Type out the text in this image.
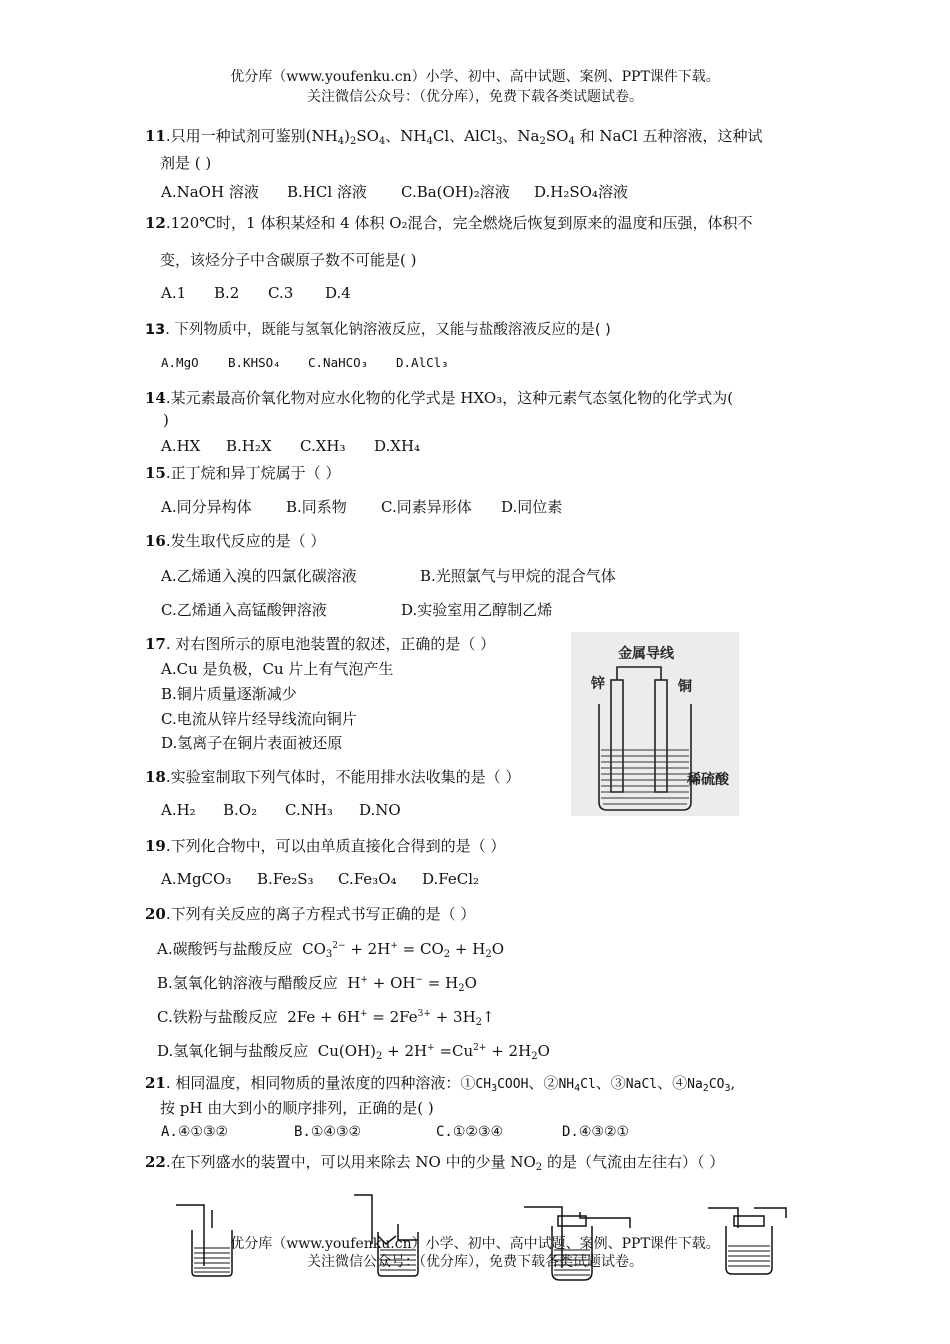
优分库（www.youfenku.cn）小学、初中、高中试题、案例、PPT课件下载。
关注微信公众号：（优分库），免费下载各类试题试卷。
11.只用一种试剂可鉴别$(NH_4)_2SO_4$、$NH_4Cl$、AlCl$_3$、$Na_2SO_4$ 和 NaCl 五种溶液，这种试
剂是 ( )
A.NaOH 溶液 B.HCl 溶液 C.Ba(OH)₂溶液 D.H₂SO₄溶液
12.120℃时，1 体积某烃和 4 体积 O₂混合，完全燃烧后恢复到原来的温度和压强，体积不
变，该烃分子中含碳原子数不可能是( )
A.1 B.2 C.3 D.4
13. 下列物质中，既能与氢氧化钠溶液反应，又能与盐酸溶液反应的是( )
A.MgO B.KHSO₄ C.NaHCO₃ D.AlCl₃
14.某元素最高价氧化物对应水化物的化学式是 HXO₃，这种元素气态氢化物的化学式为(
)
A.HX B.H₂X C.XH₃ D.XH₄
15.正丁烷和异丁烷属于（ ）
A.同分异构体 B.同系物 C.同素异形体 D.同位素
16.发生取代反应的是（ ）
A.乙烯通入溴的四氯化碳溶液	B.光照氯气与甲烷的混合气体
C.乙烯通入高锰酸钾溶液	D.实验室用乙醇制乙烯
17. 对右图所示的原电池装置的叙述，正确的是（ ）
A.Cu 是负极，Cu 片上有气泡产生
B.铜片质量逐渐减少
C.电流从锌片经导线流向铜片
D.氢离子在铜片表面被还原
金属导线
锌	铜
稀硫酸
18.实验室制取下列气体时，不能用排水法收集的是（ ）
A.H₂ B.O₂ C.NH₃ D.NO
19.下列化合物中，可以由单质直接化合得到的是（ ）
A.MgCO₃ B.Fe₂S₃ C.Fe₃O₄ D.FeCl₂
20.下列有关反应的离子方程式书写正确的是（ ）
A.碳酸钙与盐酸反应  $CO_3^{2-} + 2H^+ = CO_2 + H_2O$
B.氢氧化钠溶液与醋酸反应  $H^+ + OH^- = H_2O$
C.铁粉与盐酸反应  $2Fe + 6H^+ = 2Fe^{3+}$ + $3H_2↑$
D.氢氧化铜与盐酸反应  $Cu(OH)_2 + 2H^+ =Cu^{2+} + 2H_2O$
21. 相同温度，相同物质的量浓度的四种溶液：$①CH_3COOH$、$②NH_4Cl$、③NaCl、$④Na_2CO_3$,
按 pH 由大到小的顺序排列，正确的是( )
A.④①③②	B.①④③②	C.①②③④	D.④③②①
22.在下列盛水的装置中，可以用来除去 NO 中的少量 $NO_2$ 的是（气流由左往右）（ ）
优分库（www.youfenku.cn）小学、初中、高中试题、案例、PPT课件下载。
关注微信公众号：（优分库），免费下载各类试题试卷。
